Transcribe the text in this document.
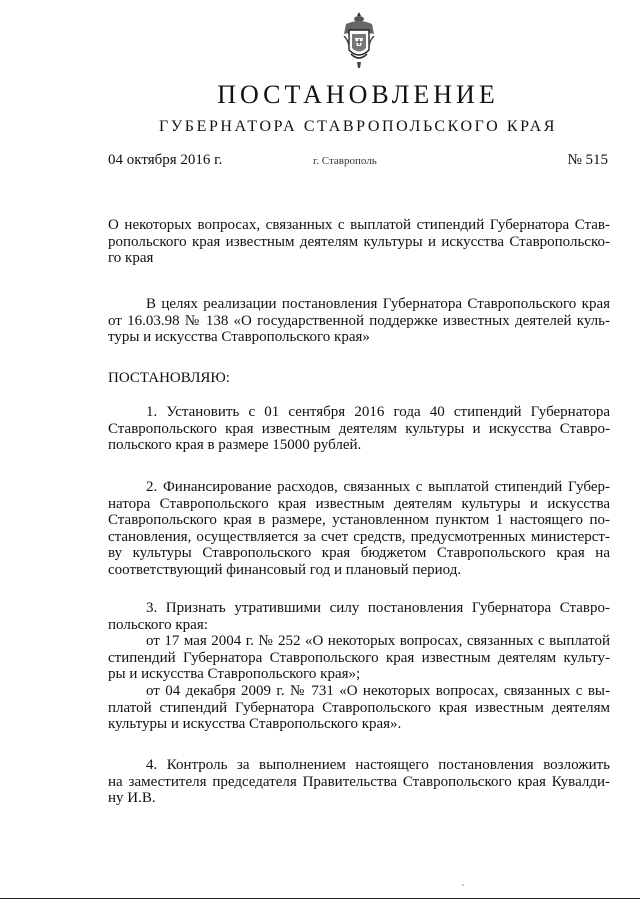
ПОСТАНОВЛЕНИЕ
ГУБЕРНАТОРА СТАВРОПОЛЬСКОГО КРАЯ
04 октября 2016 г.	г. Ставрополь	№ 515
О некоторых вопросах, связанных с выплатой стипендий Губернатора Став-
ропольского края известным деятелям культуры и искусства Ставропольско-
го края
В целях реализации постановления Губернатора Ставропольского края
от 16.03.98 № 138 «О государственной поддержке известных деятелей куль-
туры и искусства Ставропольского края»
ПОСТАНОВЛЯЮ:
1. Установить с 01 сентября 2016 года 40 стипендий Губернатора
Ставропольского края известным деятелям культуры и искусства Ставро-
польского края в размере 15000 рублей.
2. Финансирование расходов, связанных с выплатой стипендий Губер-
натора Ставропольского края известным деятелям культуры и искусства
Ставропольского края в размере, установленном пунктом 1 настоящего по-
становления, осуществляется за счет средств, предусмотренных министерст-
ву культуры Ставропольского края бюджетом Ставропольского края на
соответствующий финансовый год и плановый период.
3. Признать утратившими силу постановления Губернатора Ставро-
польского края:
от 17 мая 2004 г. № 252 «О некоторых вопросах, связанных с выплатой
стипендий Губернатора Ставропольского края известным деятелям культу-
ры и искусства Ставропольского края»;
от 04 декабря 2009 г. № 731 «О некоторых вопросах, связанных с вы-
платой стипендий Губернатора Ставропольского края известным деятелям
культуры и искусства Ставропольского края».
4. Контроль за выполнением настоящего постановления возложить
на заместителя председателя Правительства Ставропольского края Кувалди-
ну И.В.
